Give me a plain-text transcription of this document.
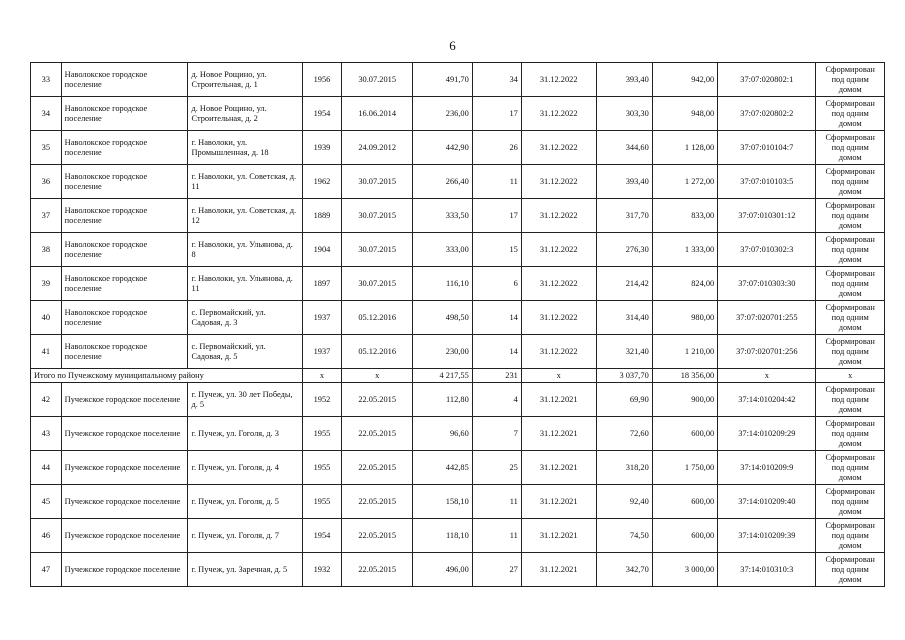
6
33	Наволокское городское поселение	д. Новое Рощино, ул. Строительная, д. 1	1956	30.07.2015	491,70	34	31.12.2022	393,40	942,00	37:07:020802:1	Сформирован под одним домом
34	Наволокское городское поселение	д. Новое Рощино, ул. Строительная, д. 2	1954	16.06.2014	236,00	17	31.12.2022	303,30	948,00	37:07:020802:2	Сформирован под одним домом
35	Наволокское городское поселение	г. Наволоки, ул. Промышленная, д. 18	1939	24.09.2012	442,90	26	31.12.2022	344,60	1 128,00	37:07:010104:7	Сформирован под одним домом
36	Наволокское городское поселение	г. Наволоки, ул. Советская, д. 11	1962	30.07.2015	266,40	11	31.12.2022	393,40	1 272,00	37:07:010103:5	Сформирован под одним домом
37	Наволокское городское поселение	г. Наволоки, ул. Советская, д. 12	1889	30.07.2015	333,50	17	31.12.2022	317,70	833,00	37:07:010301:12	Сформирован под одним домом
38	Наволокское городское поселение	г. Наволоки, ул. Ульянова, д. 8	1904	30.07.2015	333,00	15	31.12.2022	276,30	1 333,00	37:07:010302:3	Сформирован под одним домом
39	Наволокское городское поселение	г. Наволоки, ул. Ульянова, д. 11	1897	30.07.2015	116,10	6	31.12.2022	214,42	824,00	37:07:010303:30	Сформирован под одним домом
40	Наволокское городское поселение	с. Первомайский, ул. Садовая, д. 3	1937	05.12.2016	498,50	14	31.12.2022	314,40	980,00	37:07:020701:255	Сформирован под одним домом
41	Наволокское городское поселение	с. Первомайский, ул. Садовая, д. 5	1937	05.12.2016	230,00	14	31.12.2022	321,40	1 210,00	37:07:020701:256	Сформирован под одним домом
Итого по Пучежскому муниципальному району			х	х	4 217,55	231	х	3 037,70	18 356,00	х	х
42	Пучежское городское поселение	г. Пучеж, ул. 30 лет Победы, д. 5	1952	22.05.2015	112,80	4	31.12.2021	69,90	900,00	37:14:010204:42	Сформирован под одним домом
43	Пучежское городское поселение	г. Пучеж, ул. Гоголя, д. 3	1955	22.05.2015	96,60	7	31.12.2021	72,60	600,00	37:14:010209:29	Сформирован под одним домом
44	Пучежское городское поселение	г. Пучеж, ул. Гоголя, д. 4	1955	22.05.2015	442,85	25	31.12.2021	318,20	1 750,00	37:14:010209:9	Сформирован под одним домом
45	Пучежское городское поселение	г. Пучеж, ул. Гоголя, д. 5	1955	22.05.2015	158,10	11	31.12.2021	92,40	600,00	37:14:010209:40	Сформирован под одним домом
46	Пучежское городское поселение	г. Пучеж, ул. Гоголя, д. 7	1954	22.05.2015	118,10	11	31.12.2021	74,50	600,00	37:14:010209:39	Сформирован под одним домом
47	Пучежское городское поселение	г. Пучеж, ул. Заречная, д. 5	1932	22.05.2015	496,00	27	31.12.2021	342,70	3 000,00	37:14:010310:3	Сформирован под одним домом
